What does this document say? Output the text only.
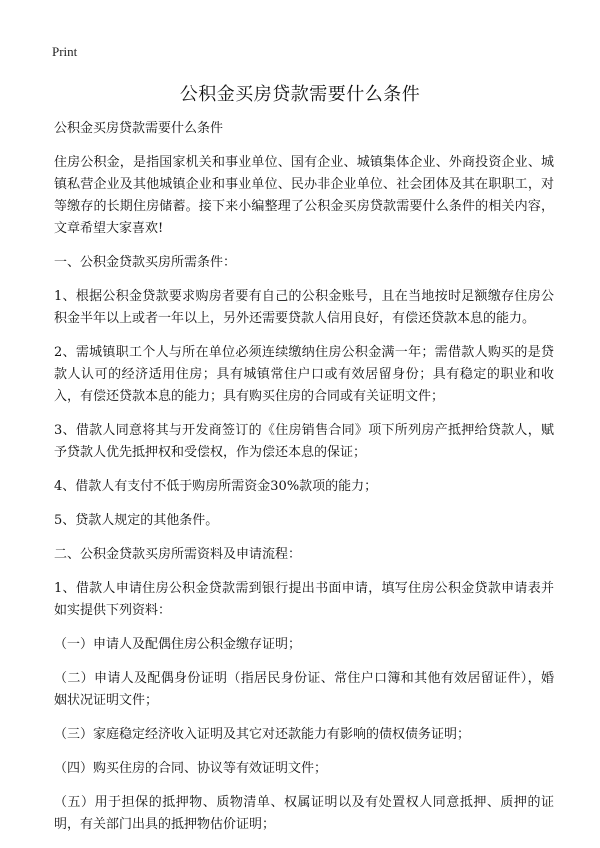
Print
公积金买房贷款需要什么条件

公积金买房贷款需要什么条件

住房公积金，是指国家机关和事业单位、国有企业、城镇集体企业、外商投资企业、城镇私营企业及其他城镇企业和事业单位、民办非企业单位、社会团体及其在职职工，对等缴存的长期住房储蓄。接下来小编整理了公积金买房贷款需要什么条件的相关内容，文章希望大家喜欢!

一、公积金贷款买房所需条件：

1、根据公积金贷款要求购房者要有自己的公积金账号，且在当地按时足额缴存住房公积金半年以上或者一年以上，另外还需要贷款人信用良好，有偿还贷款本息的能力。

2、需城镇职工个人与所在单位必须连续缴纳住房公积金满一年；需借款人购买的是贷款人认可的经济适用住房；具有城镇常住户口或有效居留身份；具有稳定的职业和收入，有偿还贷款本息的能力；具有购买住房的合同或有关证明文件；

3、借款人同意将其与开发商签订的《住房销售合同》项下所列房产抵押给贷款人，赋予贷款人优先抵押权和受偿权，作为偿还本息的保证；

4、借款人有支付不低于购房所需资金30%款项的能力；

5、贷款人规定的其他条件。

二、公积金贷款买房所需资料及申请流程：

1、借款人申请住房公积金贷款需到银行提出书面申请，填写住房公积金贷款申请表并如实提供下列资料：

（一）申请人及配偶住房公积金缴存证明；

（二）申请人及配偶身份证明（指居民身份证、常住户口簿和其他有效居留证件），婚姻状况证明文件；

（三）家庭稳定经济收入证明及其它对还款能力有影响的债权债务证明；

（四）购买住房的合同、协议等有效证明文件；

（五）用于担保的抵押物、质物清单、权属证明以及有处置权人同意抵押、质押的证明，有关部门出具的抵押物估价证明；
